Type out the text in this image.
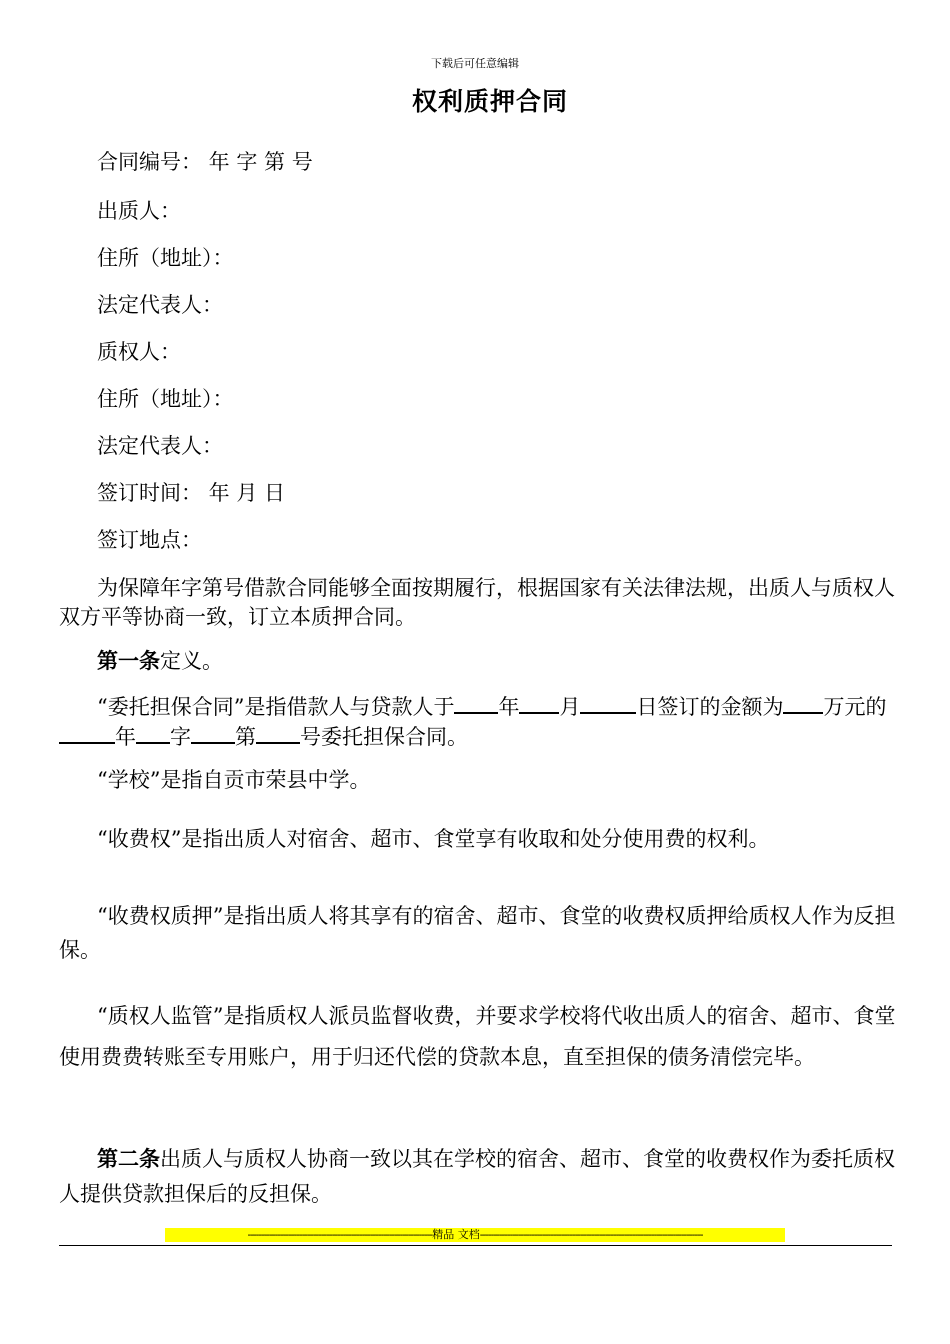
下载后可任意编辑
权利质押合同
合同编号： 年 字 第 号
出质人：
住所（地址）：
法定代表人：
质权人：
住所（地址）：
法定代表人：
签订时间： 年 月 日
签订地点：
为保障年字第号借款合同能够全面按期履行，根据国家有关法律法规，出质人与质权人双方平等协商一致，订立本质押合同。
第一条定义。
“委托担保合同”是指借款人与贷款人于 年 月	日签订的金额为 万元的年 字 第 号委托担保合同。
“学校”是指自贡市荣县中学。
“收费权”是指出质人对宿舍、超市、食堂享有收取和处分使用费的权利。
“收费权质押”是指出质人将其享有的宿舍、超市、食堂的收费权质押给质权人作为反担保。
“质权人监管”是指质权人派员监督收费，并要求学校将代收出质人的宿舍、超市、食堂使用费费转账至专用账户，用于归还代偿的贷款本息，直至担保的债务清偿完毕。
第二条出质人与质权人协商一致以其在学校的宿舍、超市、食堂的收费权作为委托质权人提供贷款担保后的反担保。
--------------------------------------------------------------------精品 文档----------------------------------------------------------------------------------
